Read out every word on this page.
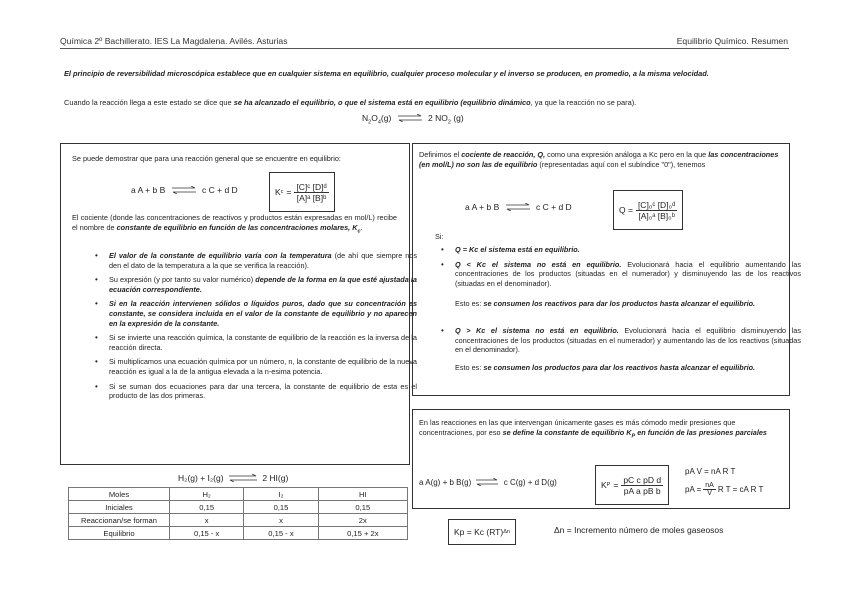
Química 2º Bachillerato. IES La Magdalena. Avilés. Asturias	Equilibrio Químico. Resumen
El principio de reversibilidad microscópica establece que en cualquier sistema en equilibrio, cualquier proceso molecular y el inverso se producen, en promedio, a la misma velocidad.
Cuando la reacción llega a este estado se dice que se ha alcanzado el equilibrio, o que el sistema está en equilibrio (equilibrio dinámico, ya que la reacción no se para).
$N_2O_4(g)$ ⇌ 2 $NO_2$ (g)
Se puede demostrar que para una reacción general que se encuentre en equilibrio:
a A + b B ⇌ c C + d D	K $c = \frac{\text{[C]ᶜ [D]ᵈ}}{\text{[A]ᵃ [B]ᵇ}}$
El cociente (donde las concentraciones de reactivos y productos están expresadas en mol/L) recibe el nombre de constante de equilibrio en función de las concentraciones molares, $K_c$.
• El valor de la constante de equilibrio varía con la temperatura (de ahí que siempre nos den el dato de la temperatura a la que se verifica la reacción).
• Su expresión (y por tanto su valor numérico) depende de la forma en la que esté ajustada la ecuación correspondiente.
• Si en la reacción intervienen sólidos o líquidos puros, dado que su concentración es constante, se considera incluida en el valor de la constante de equilibrio y no aparecen en la expresión de la constante.
• Si se invierte una reacción química, la constante de equilibrio de la reacción es la inversa de la reacción directa.
• Si multiplicamos una ecuación química por un número, n, la constante de equilibrio de la nueva reacción es igual a la de la antigua elevada a la n-esima potencia.
• Si se suman dos ecuaciones para dar una tercera, la constante de equilibrio de esta es el producto de las dos primeras.
H₂(g) + I₂(g) ⇌ 2 HI(g)
Moles	H₂	I₂	HI
Iniciales	0,15	0,15	0,15
Reaccionan/se forman	x	x	2x
Equilibrio	0,15 - x	0,15 - x	0,15 + 2x
Definimos el cociente de reacción, Q, como una expresión análoga a Kc pero en la que las concentraciones (en mol/L) no son las de equilibrio (representadas aquí con el subíndice "0"), tenemos
a A + b B ⇌ c C + d D	$Q = \frac{\text{[C]₀ᶜ [D]₀ᵈ}}{\text{[A]₀ᵃ [B]₀ᵇ}}$
Si:
• Q = Kc el sistema está en equilibrio.
• Q < Kc el sistema no está en equilibrio. Evolucionará hacia el equilibrio aumentando las concentraciones de los productos (situadas en el numerador) y disminuyendo las de los reactivos (situadas en el denominador).
Esto es: se consumen los reactivos para dar los productos hasta alcanzar el equilibrio.
• Q > Kc el sistema no está en equilibrio. Evolucionará hacia el equilibrio disminuyendo las concentraciones de los productos (situadas en el numerador) y aumentando las de los reactivos (situadas en el denominador).
Esto es: se consumen los productos para dar los reactivos hasta alcanzar el equilibrio.
En las reacciones en las que intervengan únicamente gases es más cómodo medir presiones que concentraciones, por eso se define la constante de equilibrio $K_P$ en función de las presiones parciales
a A(g) + b B(g) ⇌ c C(g) + d D(g)	K $P = \frac{\text{pC c pD d}}{\text{pA a pB b}}$
pA V = nA R T
pA = $\frac{nA}{V}$ R T = cA R T
Kp = Kc (RT) Δn	Δn = Incremento número de moles gaseosos
